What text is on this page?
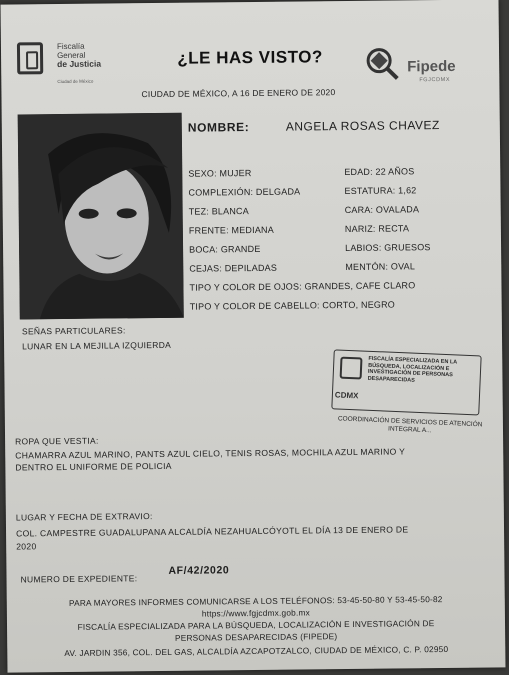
Fiscalía
General
de Justicia
Ciudad de México
¿LE HAS VISTO?
CIUDAD DE MÉXICO, A 16 DE ENERO DE 2020
Fipede
FGJCDMX
NOMBRE:	ANGELA ROSAS CHAVEZ
SEXO: MUJER
COMPLEXIÓN: DELGADA
TEZ: BLANCA
FRENTE: MEDIANA
BOCA: GRANDE
CEJAS: DEPILADAS
EDAD: 22 AÑOS
ESTATURA: 1,62
CARA: OVALADA
NARIZ: RECTA
LABIOS: GRUESOS
MENTÓN: OVAL
TIPO Y COLOR DE OJOS: GRANDES, CAFE CLARO
TIPO Y COLOR DE CABELLO: CORTO, NEGRO
SEÑAS PARTICULARES:
LUNAR EN LA MEJILLA IZQUIERDA
FISCALÍA ESPECIALIZADA EN LA BÚSQUEDA, LOCALIZACIÓN E INVESTIGACIÓN DE PERSONAS DESAPARECIDAS
CDMX
COORDINACIÓN DE SERVICIOS DE ATENCIÓN INTEGRAL A...
ROPA QUE VESTIA:
CHAMARRA AZUL MARINO, PANTS AZUL CIELO, TENIS ROSAS, MOCHILA AZUL MARINO Y
DENTRO EL UNIFORME DE POLICIA
LUGAR Y FECHA DE EXTRAVIO:
COL. CAMPESTRE GUADALUPANA ALCALDÍA NEZAHUALCÓYOTL EL DÍA 13 DE ENERO DE
2020
NUMERO DE EXPEDIENTE:
AF/42/2020
PARA MAYORES INFORMES COMUNICARSE A LOS TELÉFONOS: 53-45-50-80 Y 53-45-50-82
https://www.fgjcdmx.gob.mx
FISCALÍA ESPECIALIZADA PARA LA BÚSQUEDA, LOCALIZACIÓN E INVESTIGACIÓN DE
PERSONAS DESAPARECIDAS (FIPEDE)
AV. JARDIN 356, COL. DEL GAS, ALCALDÍA AZCAPOTZALCO, CIUDAD DE MÉXICO, C. P. 02950
